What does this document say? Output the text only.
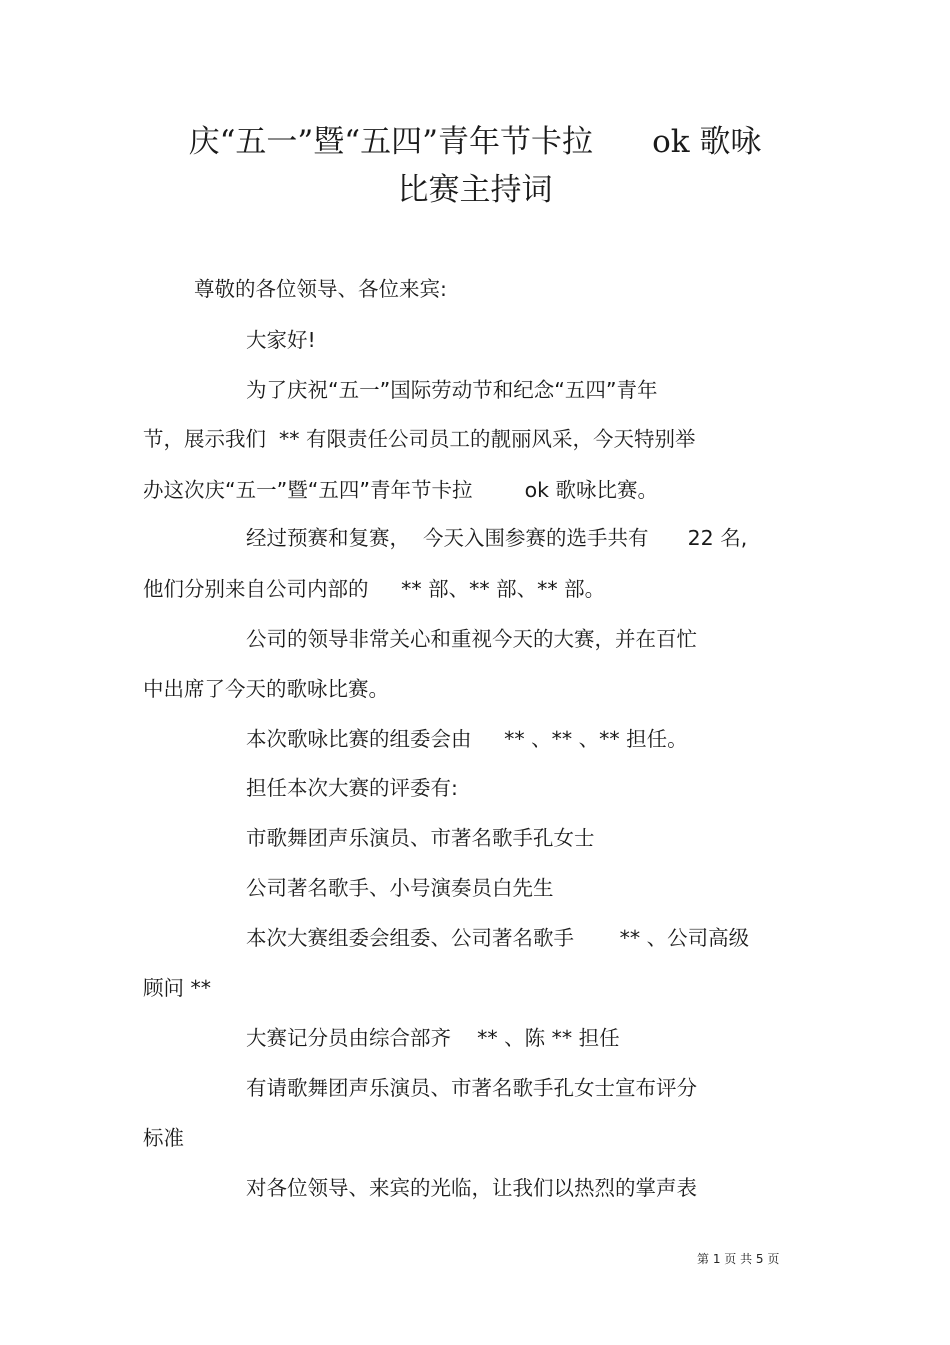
庆“五一”暨“五四”青年节卡拉      ok 歌咏
比赛主持词
尊敬的各位领导、各位来宾:
大家好!
为了庆祝“五一”国际劳动节和纪念“五四”青年
节，展示我们  ** 有限责任公司员工的靓丽风采，今天特别举
办这次庆“五一”暨“五四”青年节卡拉        ok 歌咏比赛。
经过预赛和复赛，  今天入围参赛的选手共有      22 名,
他们分别来自公司内部的     ** 部、** 部、** 部。
公司的领导非常关心和重视今天的大赛，并在百忙
中出席了今天的歌咏比赛。
本次歌咏比赛的组委会由     ** 、** 、** 担任。
担任本次大赛的评委有:
市歌舞团声乐演员、市著名歌手孔女士
公司著名歌手、小号演奏员白先生
本次大赛组委会组委、公司著名歌手       ** 、公司高级
顾问 **
大赛记分员由综合部齐    ** 、陈 ** 担任
有请歌舞团声乐演员、市著名歌手孔女士宣布评分
标准
对各位领导、来宾的光临，让我们以热烈的掌声表
第 1 页 共 5 页
